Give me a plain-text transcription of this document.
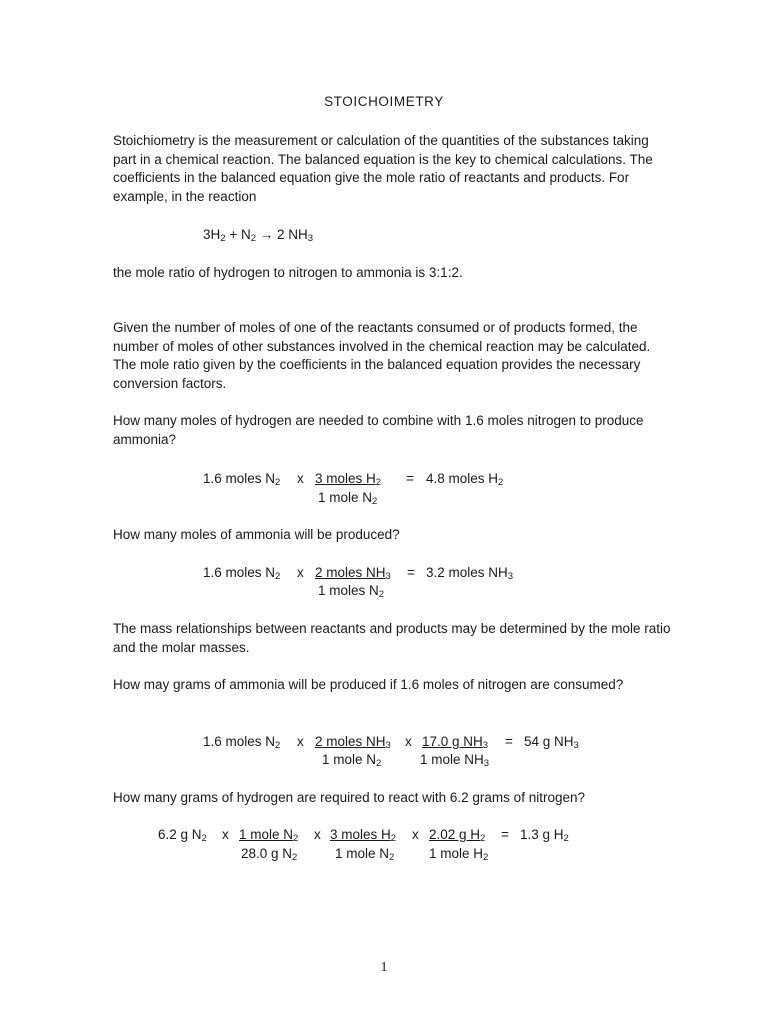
STOICHOIMETRY
Stoichiometry is the measurement or calculation of the quantities of the substances taking part in a chemical reaction. The balanced equation is the key to chemical calculations. The coefficients in the balanced equation give the mole ratio of reactants and products. For example, in the reaction
$3H_2 + N_2 \to 2$ $NH_3$
the mole ratio of hydrogen to nitrogen to ammonia is 3:1:2.
Given the number of moles of one of the reactants consumed or of products formed, the number of moles of other substances involved in the chemical reaction may be calculated. The mole ratio given by the coefficients in the balanced equation provides the necessary conversion factors.
How many moles of hydrogen are needed to combine with 1.6 moles nitrogen to produce ammonia?
1.6 moles $N_2$ x 3 moles $H_2 = 4.8$ moles $H_2$
1 mole $N_2$
How many moles of ammonia will be produced?
1.6 moles $N_2$ x 2 moles $NH_3 = 3.2$ moles $NH_3$
1 moles $N_2$
The mass relationships between reactants and products may be determined by the mole ratio and the molar masses.
How may grams of ammonia will be produced if 1.6 moles of nitrogen are consumed?
1.6 moles $N_2$ x 2 moles $NH_3$ x 17.0 g $NH_3 = 54$ g $NH_3$
1 mole $N_2$	1 mole $NH_3$
How many grams of hydrogen are required to react with 6.2 grams of nitrogen?
6.2 g $N_2$ x 1 mole $N_2$ x 3 moles $H_2$ x 2.02 g $H_2 = 1.3$ g $H_2$
28.0 g $N_2$	1 mole $N_2$	1 mole $H_2$
1
